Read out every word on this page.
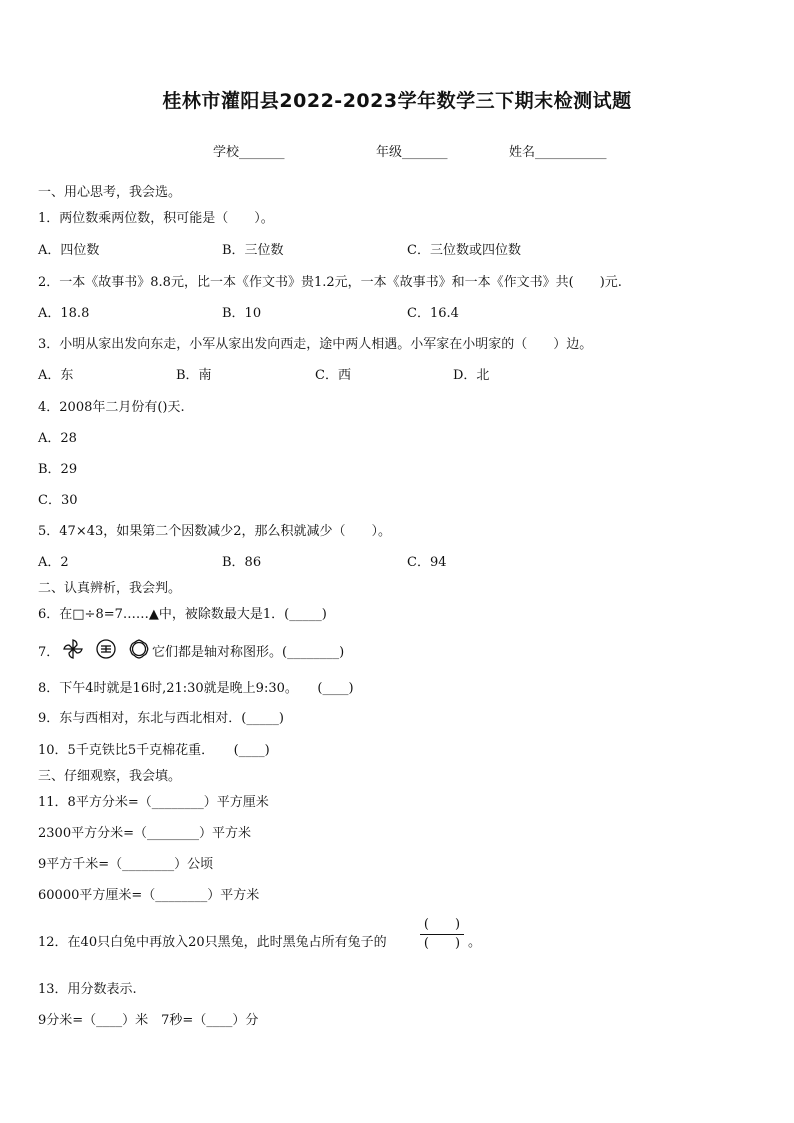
桂林市灌阳县2022-2023学年数学三下期末检测试题
学校_______	年级_______	姓名___________
一、用心思考，我会选。
1．两位数乘两位数，积可能是（　　）。
A．四位数	B．三位数	C．三位数或四位数
2．一本《故事书》8.8元，比一本《作文书》贵1.2元，一本《故事书》和一本《作文书》共(　　)元.
A．18.8	B．10	C．16.4
3．小明从家出发向东走，小军从家出发向西走，途中两人相遇。小军家在小明家的（　　）边。
A．东	B．南	C．西	D．北
4．2008年二月份有()天.
A．28
B．29
C．30
5．47×43，如果第二个因数减少2，那么积就减少（　　）。
A．2	B．86	C．94
二、认真辨析，我会判。
6．在□÷8=7……▲中，被除数最大是1．(_____)
7．	它们都是轴对称图形。(________)
8．下午4时就是16时,21:30就是晚上9:30。　　(____)
9．东与西相对，东北与西北相对．(_____)
10．5千克铁比5千克棉花重．　　(____)
三、仔细观察，我会填。
11．8平方分米=（________）平方厘米
2300平方分米=（________）平方米
9平方千米=（________）公顷
60000平方厘米=（________）平方米
12．在40只白兔中再放入20只黑兔，此时黑兔占所有兔子的
(　　)
(　　) 。
13．用分数表示.
9分米=（____）米　7秒=（____）分
